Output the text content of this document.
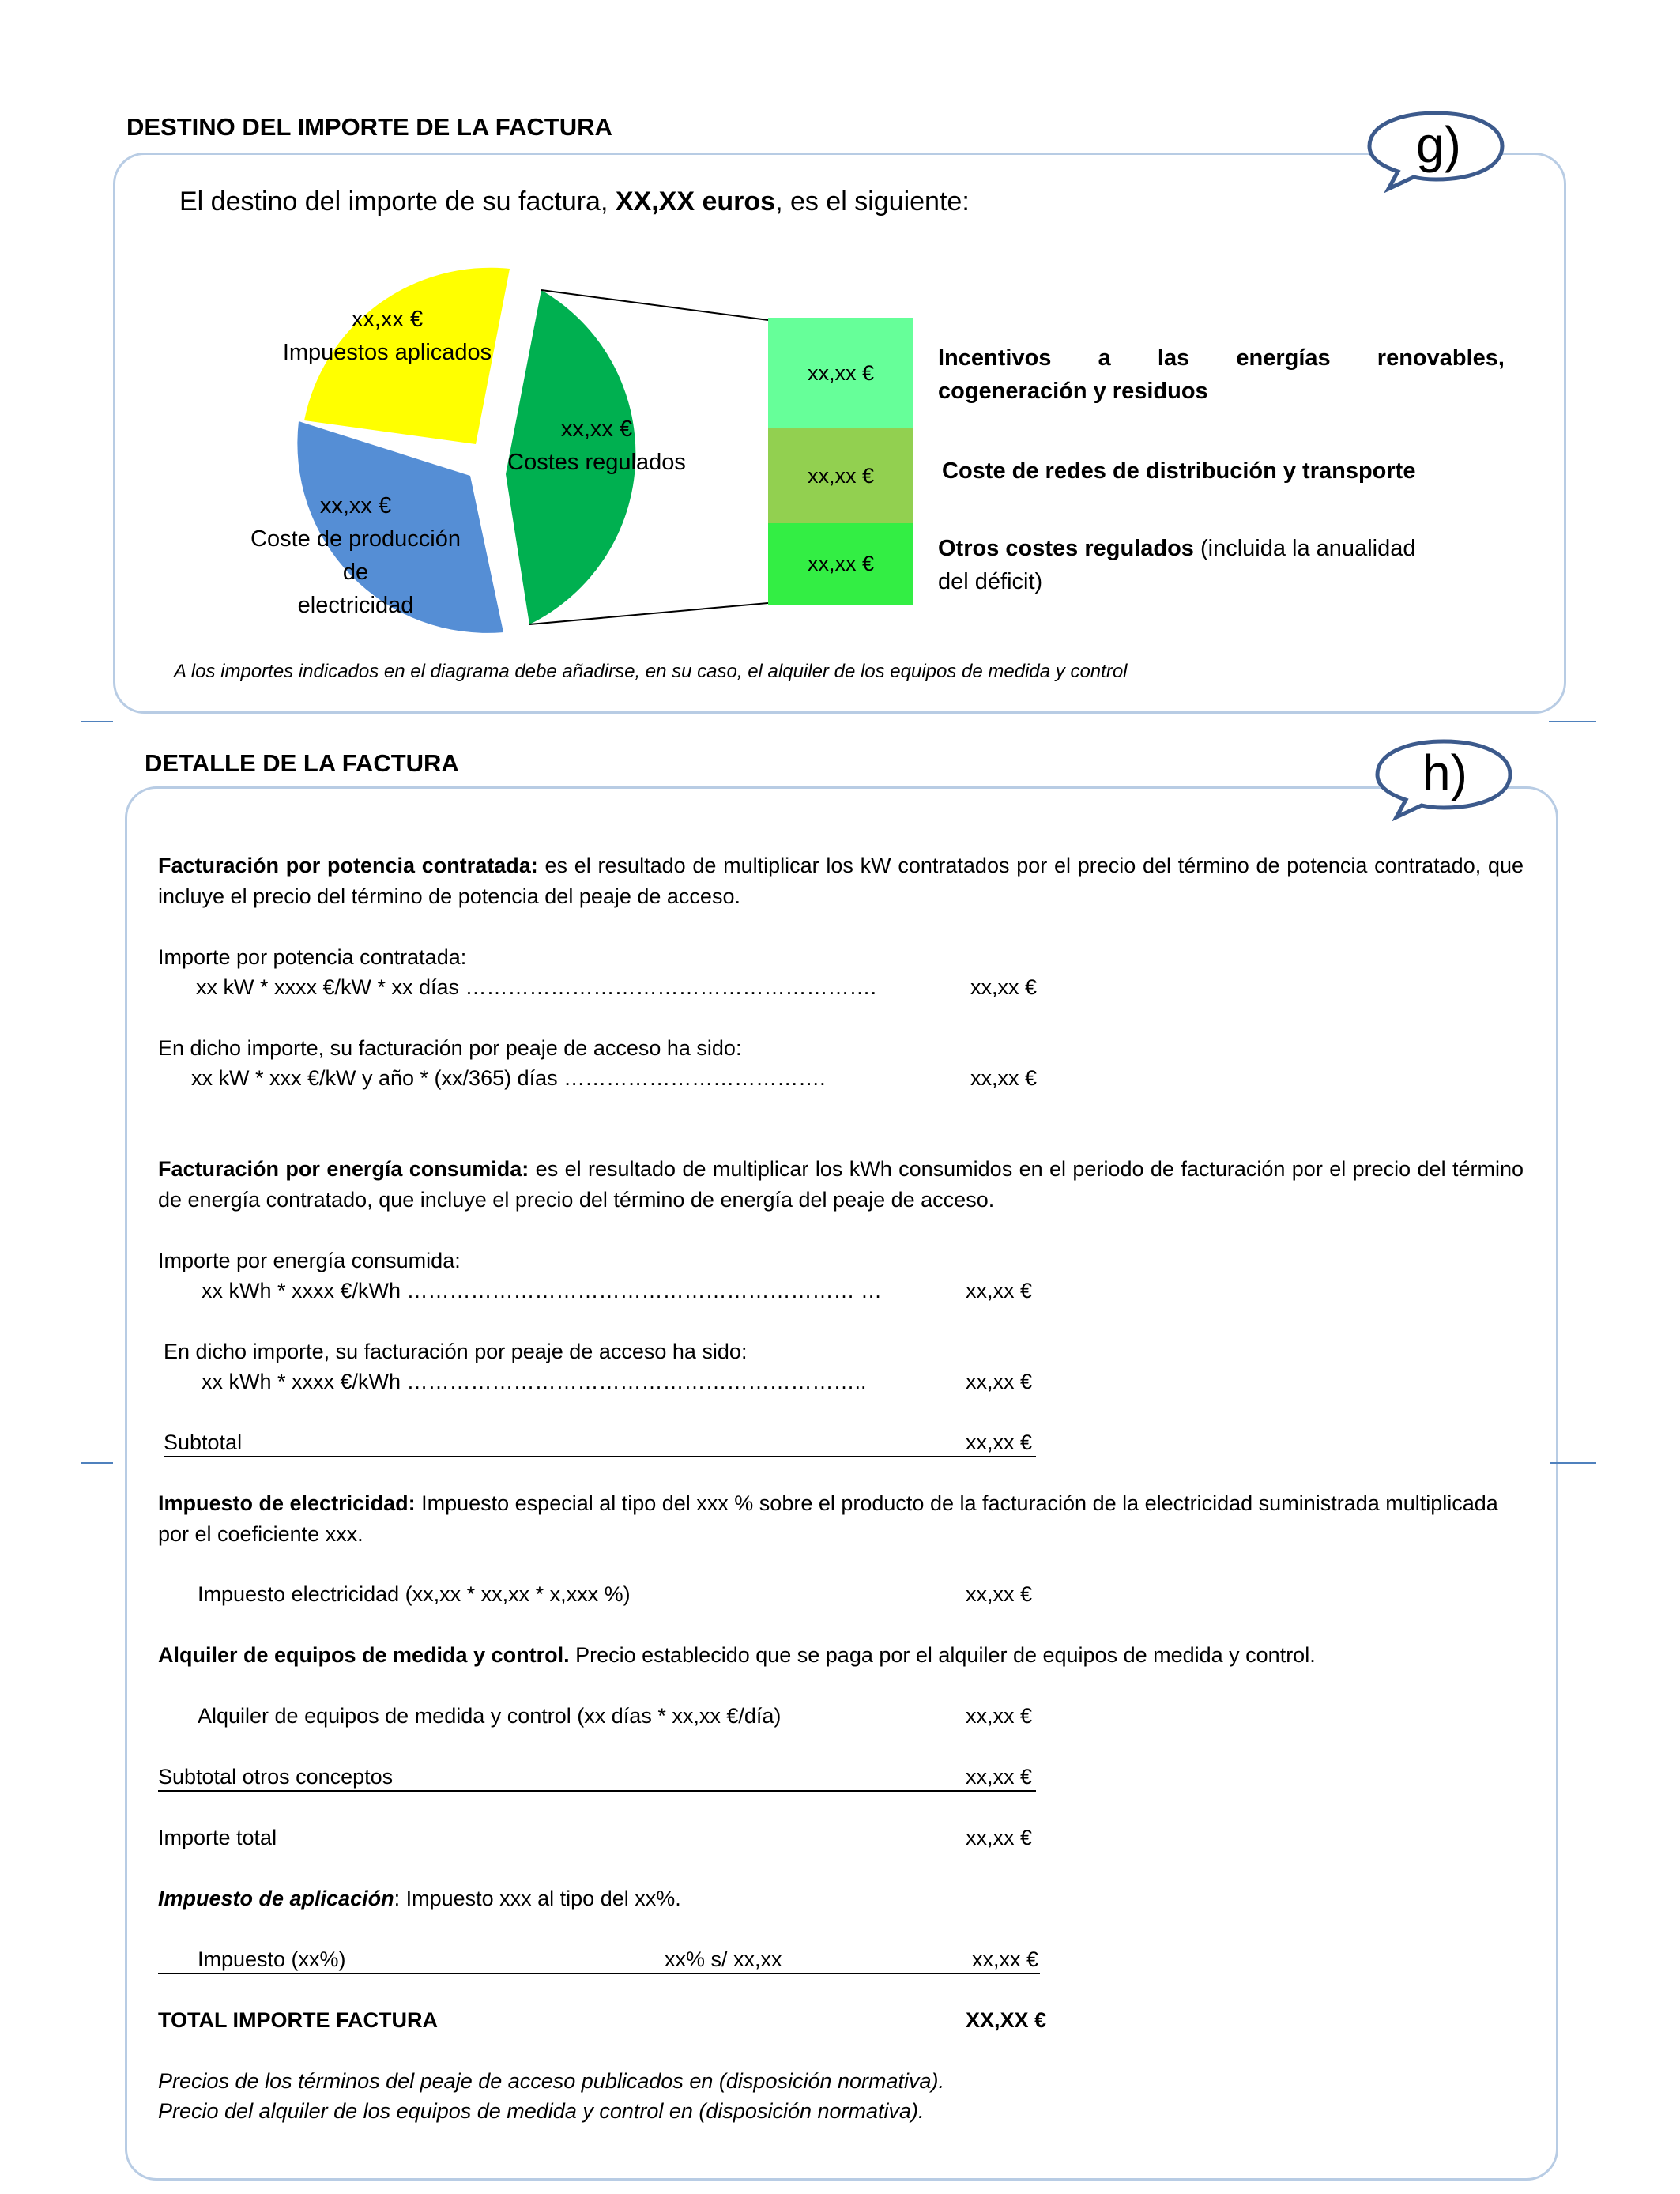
DESTINO DEL IMPORTE DE LA FACTURA	g)
El destino del importe de su factura, XX,XX euros, es el siguiente:
xx,xx €
Impuestos aplicados
xx,xx €
Costes regulados
xx,xx €
Coste de producción
de
electricidad
xx,xx €
xx,xx €
xx,xx €
Incentivos a las energías renovables,
cogeneración y residuos
Coste de redes de distribución y transporte
Otros costes regulados (incluida la anualidad
del déficit)
A los importes indicados en el diagrama debe añadirse, en su caso, el alquiler de los equipos de medida y control
DETALLE DE LA FACTURA	h)
Facturación por potencia contratada: es el resultado de multiplicar los kW contratados por el precio del término de potencia contratado, que incluye el precio del término de potencia del peaje de acceso.
Importe por potencia contratada:
xx kW * xxxx €/kW * xx días ………………………………………………….	xx,xx €
En dicho importe, su facturación por peaje de acceso ha sido:
xx kW * xxx €/kW y año * (xx/365) días ……………………………….	xx,xx €
Facturación por energía consumida: es el resultado de multiplicar los kWh consumidos en el periodo de facturación por el precio del término de energía contratado, que incluye el precio del término de energía del peaje de acceso.
Importe por energía consumida:
xx kWh * xxxx €/kWh ……………………………………………………… …	xx,xx €
En dicho importe, su facturación por peaje de acceso ha sido:
xx kWh * xxxx €/kWh ………………………………………………………..	xx,xx €
Subtotal	xx,xx €
Impuesto de electricidad: Impuesto especial al tipo del xxx % sobre el producto de la facturación de la electricidad suministrada multiplicada por el coeficiente xxx.
Impuesto electricidad (xx,xx * xx,xx * x,xxx %)	xx,xx €
Alquiler de equipos de medida y control. Precio establecido que se paga por el alquiler de equipos de medida y control.
Alquiler de equipos de medida y control (xx días * xx,xx €/día)	xx,xx €
Subtotal otros conceptos	xx,xx €
Importe total	xx,xx €
Impuesto de aplicación: Impuesto xxx al tipo del xx%.
Impuesto (xx%)	xx% s/ xx,xx	xx,xx €
TOTAL IMPORTE FACTURA	XX,XX €
Precios de los términos del peaje de acceso publicados en (disposición normativa).
Precio del alquiler de los equipos de medida y control en (disposición normativa).
